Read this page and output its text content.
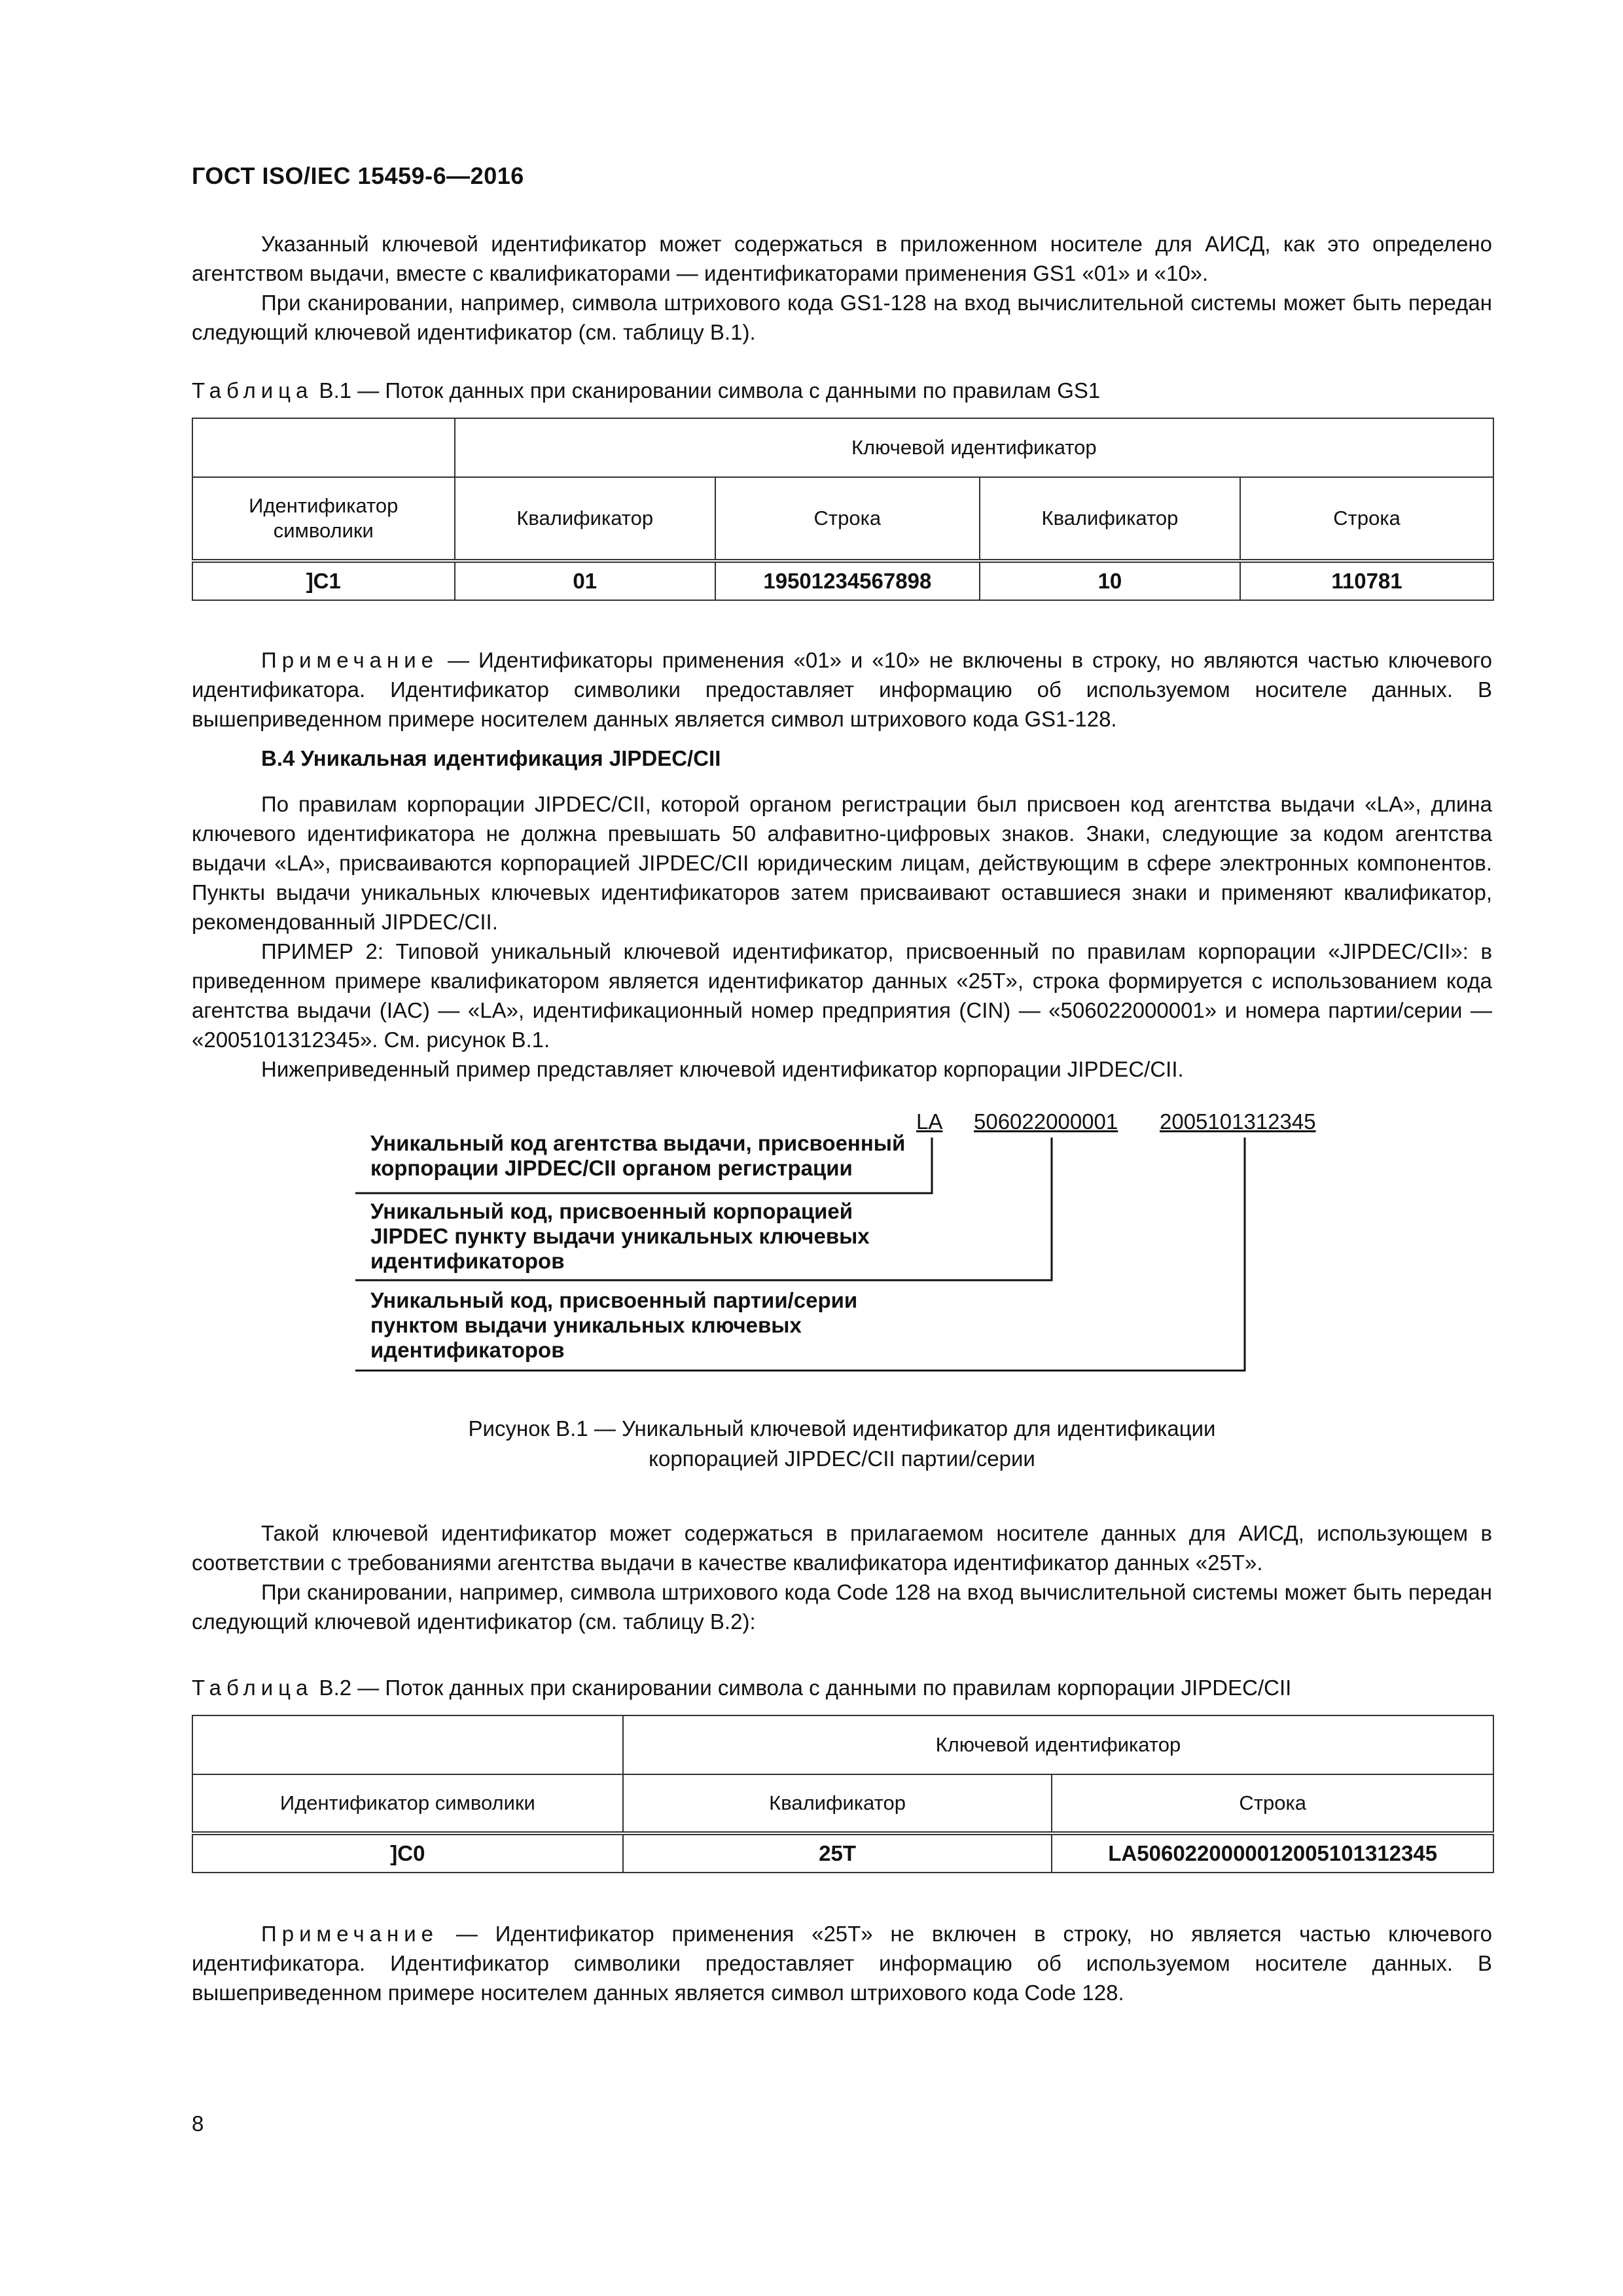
ГОСТ ISO/IEC 15459-6—2016

Указанный ключевой идентификатор может содержаться в приложенном носителе для АИСД, как это определено агентством выдачи, вместе с квалификаторами — идентификаторами применения GS1 «01» и «10».

При сканировании, например, символа штрихового кода GS1-128 на вход вычислительной системы может быть передан следующий ключевой идентификатор (см. таблицу В.1).

Таблица В.1 — Поток данных при сканировании символа с данными по правилам GS1
	Ключевой идентификатор			
Идентификатор символики	Квалификатор	Строка	Квалификатор	Строка
]C1	01	19501234567898	10	110781

Примечание — Идентификаторы применения «01» и «10» не включены в строку, но являются частью ключевого идентификатора. Идентификатор символики предоставляет информацию об используемом носителе данных. В вышеприведенном примере носителем данных является символ штрихового кода GS1-128.

В.4 Уникальная идентификация JIPDEC/CII

По правилам корпорации JIPDEC/CII, которой органом регистрации был присвоен код агентства выдачи «LA», длина ключевого идентификатора не должна превышать 50 алфавитно-цифровых знаков. Знаки, следующие за кодом агентства выдачи «LA», присваиваются корпорацией JIPDEC/CII юридическим лицам, действующим в сфере электронных компонентов. Пункты выдачи уникальных ключевых идентификаторов затем присваивают оставшиеся знаки и применяют квалификатор, рекомендованный JIPDEC/CII.

ПРИМЕР 2: Типовой уникальный ключевой идентификатор, присвоенный по правилам корпорации «JIPDEC/CII»: в приведенном примере квалификатором является идентификатор данных «25T», строка формируется с использованием кода агентства выдачи (IAC) — «LA», идентификационный номер предприятия (CIN) — «506022000001» и номера партии/серии — «2005101312345». См. рисунок В.1.

Нижеприведенный пример представляет ключевой идентификатор корпорации JIPDEC/CII.

LA 506022000001 2005101312345
Уникальный код агентства выдачи, присвоенный
корпорации JIPDEC/CII органом регистрации
Уникальный код, присвоенный корпорацией
JIPDEC пункту выдачи уникальных ключевых
идентификаторов
Уникальный код, присвоенный партии/серии
пунктом выдачи уникальных ключевых
идентификаторов
Рисунок В.1 — Уникальный ключевой идентификатор для идентификации
корпорацией JIPDEC/CII партии/серии

Такой ключевой идентификатор может содержаться в прилагаемом носителе данных для АИСД, использующем в соответствии с требованиями агентства выдачи в качестве квалификатора идентификатор данных «25T».

При сканировании, например, символа штрихового кода Code 128 на вход вычислительной системы может быть передан следующий ключевой идентификатор (см. таблицу В.2):

Таблица В.2 — Поток данных при сканировании символа с данными по правилам корпорации JIPDEC/CII
	Ключевой идентификатор	
Идентификатор символики	Квалификатор	Строка
]C0	25T	LA5060220000012005101312345

Примечание — Идентификатор применения «25T» не включен в строку, но является частью ключевого идентификатора. Идентификатор символики предоставляет информацию об используемом носителе данных. В вышеприведенном примере носителем данных является символ штрихового кода Code 128.

8
